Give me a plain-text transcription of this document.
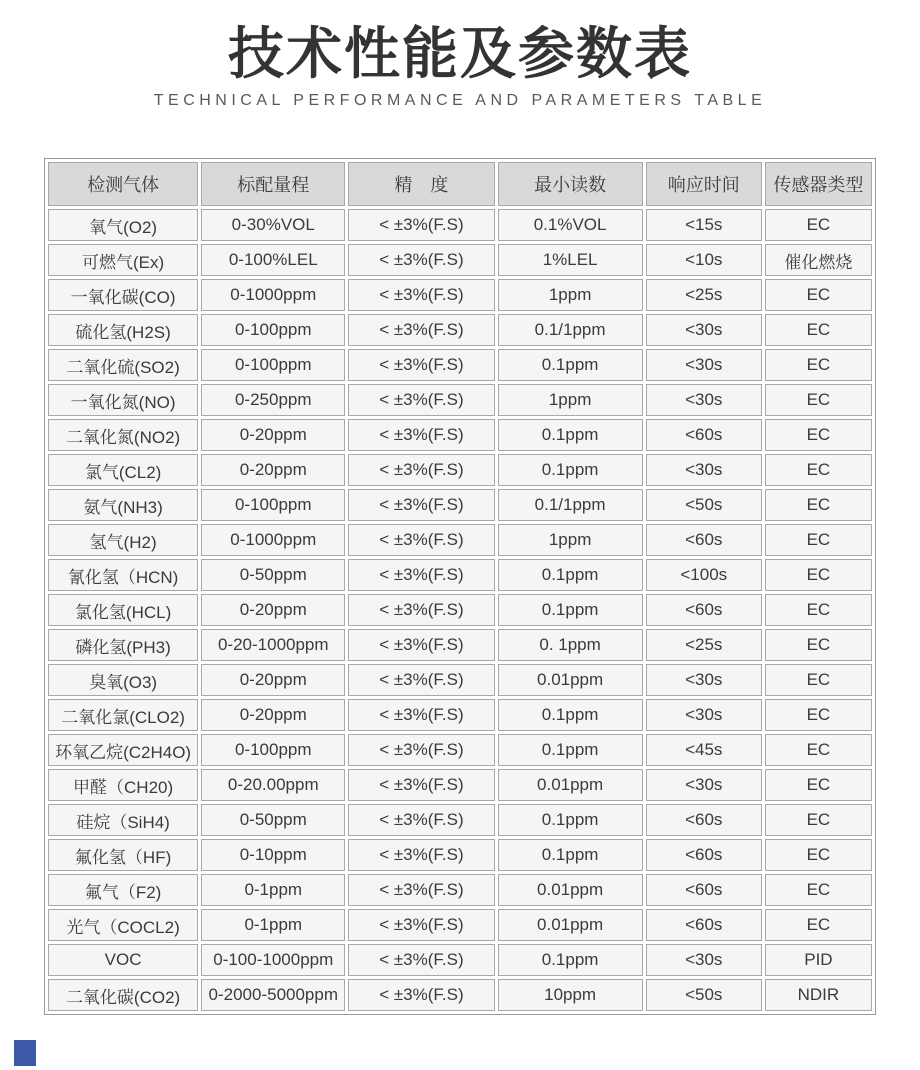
技术性能及参数表
TECHNICAL PERFORMANCE AND PARAMETERS TABLE
检测气体	标配量程	精　度	最小读数	响应时间	传感器类型
氧气(O2)	0-30%VOL	< ±3%(F.S)	0.1%VOL	<15s	EC
可燃气(Ex)	0-100%LEL	< ±3%(F.S)	1%LEL	<10s	催化燃烧
一氧化碳(CO)	0-1000ppm	< ±3%(F.S)	1ppm	<25s	EC
硫化氢(H2S)	0-100ppm	< ±3%(F.S)	0.1/1ppm	<30s	EC
二氧化硫(SO2)	0-100ppm	< ±3%(F.S)	0.1ppm	<30s	EC
一氧化氮(NO)	0-250ppm	< ±3%(F.S)	1ppm	<30s	EC
二氧化氮(NO2)	0-20ppm	< ±3%(F.S)	0.1ppm	<60s	EC
氯气(CL2)	0-20ppm	< ±3%(F.S)	0.1ppm	<30s	EC
氨气(NH3)	0-100ppm	< ±3%(F.S)	0.1/1ppm	<50s	EC
氢气(H2)	0-1000ppm	< ±3%(F.S)	1ppm	<60s	EC
氰化氢（HCN)	0-50ppm	< ±3%(F.S)	0.1ppm	<100s	EC
氯化氢(HCL)	0-20ppm	< ±3%(F.S)	0.1ppm	<60s	EC
磷化氢(PH3)	0-20-1000ppm	< ±3%(F.S)	0. 1ppm	<25s	EC
臭氧(O3)	0-20ppm	< ±3%(F.S)	0.01ppm	<30s	EC
二氧化氯(CLO2)	0-20ppm	< ±3%(F.S)	0.1ppm	<30s	EC
环氧乙烷(C2H4O)	0-100ppm	< ±3%(F.S)	0.1ppm	<45s	EC
甲醛（CH20)	0-20.00ppm	< ±3%(F.S)	0.01ppm	<30s	EC
硅烷（SiH4)	0-50ppm	< ±3%(F.S)	0.1ppm	<60s	EC
氟化氢（HF)	0-10ppm	< ±3%(F.S)	0.1ppm	<60s	EC
氟气（F2)	0-1ppm	< ±3%(F.S)	0.01ppm	<60s	EC
光气（COCL2)	0-1ppm	< ±3%(F.S)	0.01ppm	<60s	EC
VOC	0-100-1000ppm	< ±3%(F.S)	0.1ppm	<30s	PID
二氧化碳(CO2)	0-2000-5000ppm	< ±3%(F.S)	10ppm	<50s	NDIR
